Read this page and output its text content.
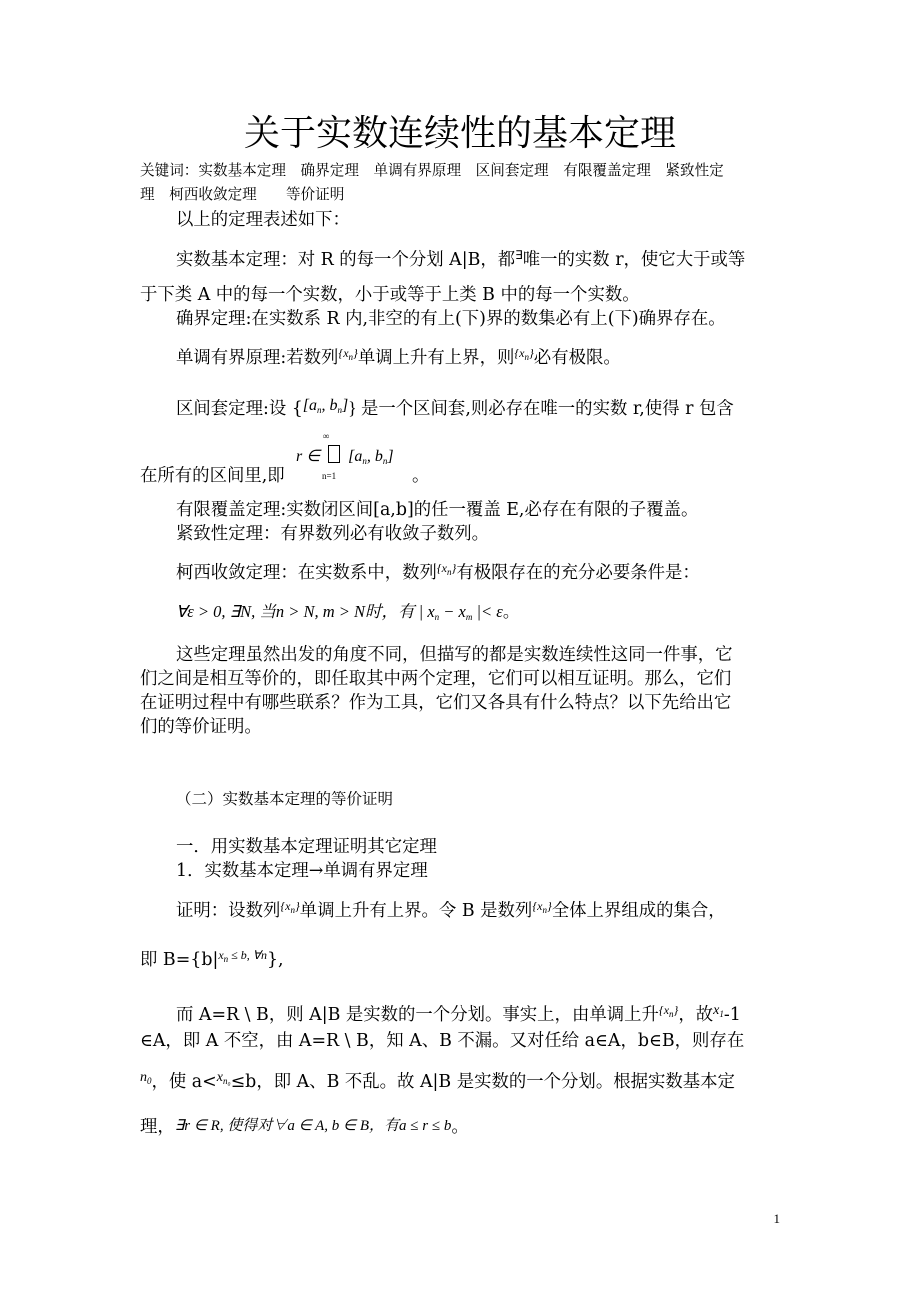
关于实数连续性的基本定理
关键词：实数基本定理　确界定理　单调有界原理　区间套定理　有限覆盖定理　紧致性定
理　柯西收敛定理　　等价证明
以上的定理表述如下：
实数基本定理：对 R 的每一个分划 A|B，都∃唯一的实数 r，使它大于或等
于下类 A 中的每一个实数，小于或等于上类 B 中的每一个实数。
确界定理:在实数系 R 内,非空的有上(下)界的数集必有上(下)确界存在。
单调有界原理:若数列$^{\{x_n\}}$单调上升有上界，则$^{\{x_n\}}$必有极限。
区间套定理:设 {[$a_n$, $b_n$]} 是一个区间套,则必存在唯一的实数 r,使得 r 包含
在所有的区间里,即
r ∈
∞

n=1
[$a_n$, $b_n$]
。
有限覆盖定理:实数闭区间[a,b]的任一覆盖 E,必存在有限的子覆盖。
紧致性定理：有界数列必有收敛子数列。
柯西收敛定理：在实数系中，数列$^{\{x_n\}}$有极限存在的充分必要条件是：
∀ε > 0, ∃N, 当n > N, m > N时，有 | $x_n - x_m$ |< ε。
这些定理虽然出发的角度不同，但描写的都是实数连续性这同一件事，它
们之间是相互等价的，即任取其中两个定理，它们可以相互证明。那么，它们
在证明过程中有哪些联系？作为工具，它们又各具有什么特点？以下先给出它
们的等价证明。
（二）实数基本定理的等价证明
一．用实数基本定理证明其它定理
1．实数基本定理→单调有界定理
证明：设数列$^{\{x_n\}}$单调上升有上界。令 B 是数列$^{\{x_n\}}$全体上界组成的集合，
即 $B=\{b|^{x_n \le b, \forall n}\}$,
而 A=R \ B，则 A|B 是实数的一个分划。事实上，由单调上升$^{\{x_n\}}$，故$^{x_1}$-1
∈A，即 A 不空，由 A=R \ B，知 A、B 不漏。又对任给 a∈A，b∈B，则存在
$^{n_0}$，使 a<$^{x_{n_0}}$≤b，即 A、B 不乱。故 A|B 是实数的一个分划。根据实数基本定
理，∃r ∈ R, 使得对∀a ∈ A, b ∈ B，有a ≤ r ≤ b。
1
